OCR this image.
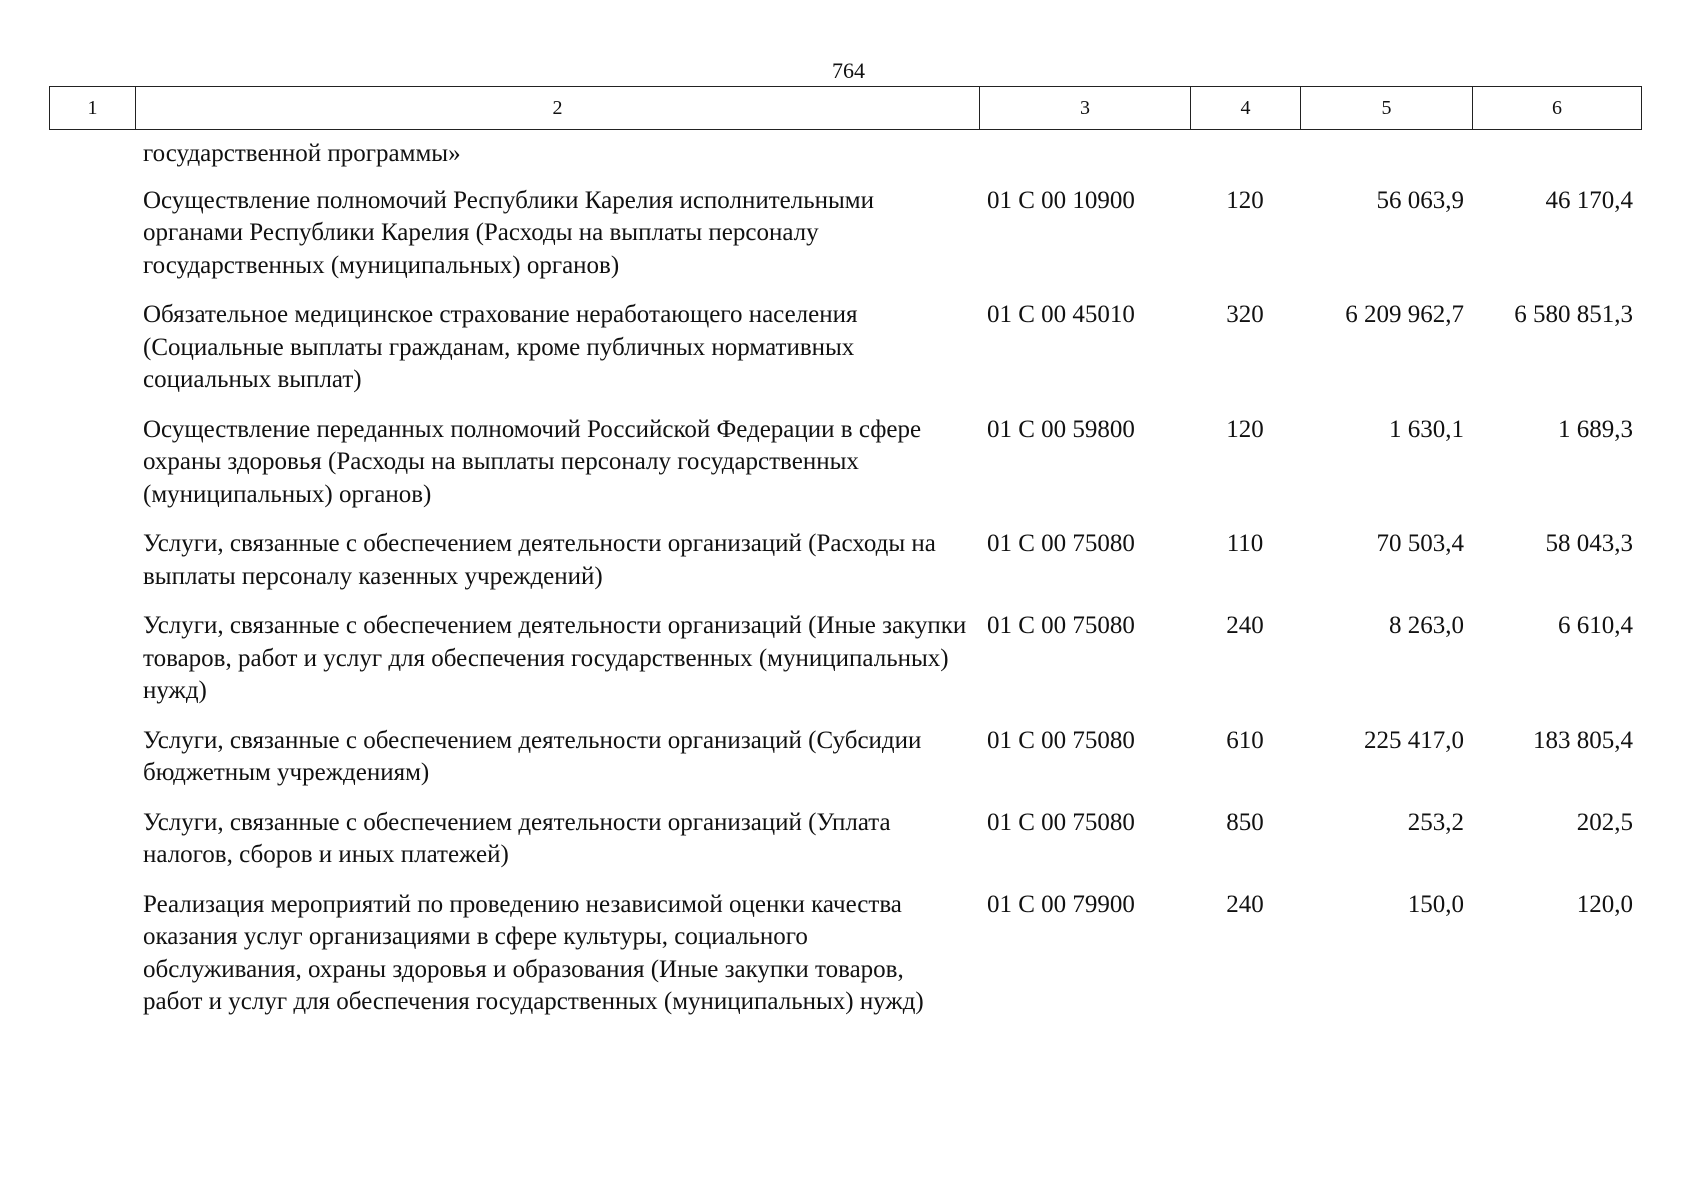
764
1	2	3	4	5	6
государственной программы»				
Осуществление полномочий Республики Карелия исполнительными органами Республики Карелия (Расходы на выплаты персоналу государственных (муниципальных) органов)	01 С 00 10900	120	56 063,9	46 170,4
Обязательное медицинское страхование неработающего населения (Социальные выплаты гражданам, кроме публичных нормативных социальных выплат)	01 С 00 45010	320	6 209 962,7	6 580 851,3
Осуществление переданных полномочий Российской Федерации в сфере охраны здоровья (Расходы на выплаты персоналу государственных (муниципальных) органов)	01 С 00 59800	120	1 630,1	1 689,3
Услуги, связанные с обеспечением деятельности организаций (Расходы на выплаты персоналу казенных учреждений)	01 С 00 75080	110	70 503,4	58 043,3
Услуги, связанные с обеспечением деятельности организаций (Иные закупки товаров, работ и услуг для обеспечения государственных (муниципальных) нужд)	01 С 00 75080	240	8 263,0	6 610,4
Услуги, связанные с обеспечением деятельности организаций (Субсидии бюджетным учреждениям)	01 С 00 75080	610	225 417,0	183 805,4
Услуги, связанные с обеспечением деятельности организаций (Уплата налогов, сборов и иных платежей)	01 С 00 75080	850	253,2	202,5
Реализация мероприятий по проведению независимой оценки качества оказания услуг организациями в сфере культуры, социального обслуживания, охраны здоровья и образования (Иные закупки товаров, работ и услуг для обеспечения государственных (муниципальных) нужд)	01 С 00 79900	240	150,0	120,0
